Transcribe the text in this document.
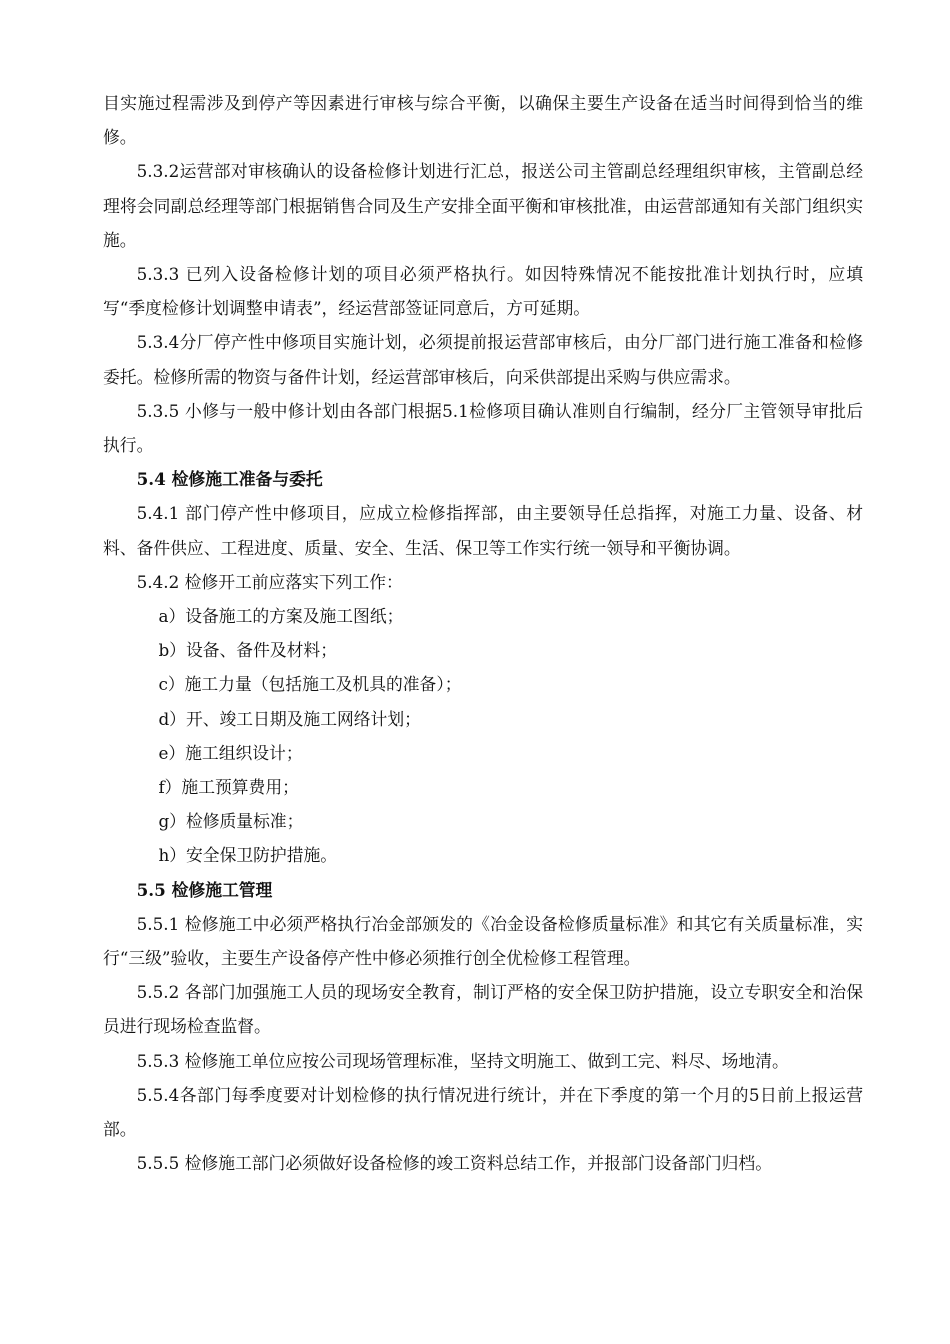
目实施过程需涉及到停产等因素进行审核与综合平衡，以确保主要生产设备在适当时间得到恰当的维修。

5.3.2运营部对审核确认的设备检修计划进行汇总，报送公司主管副总经理组织审核，主管副总经理将会同副总经理等部门根据销售合同及生产安排全面平衡和审核批准，由运营部通知有关部门组织实施。

5.3.3 已列入设备检修计划的项目必须严格执行。如因特殊情况不能按批准计划执行时，应填写“季度检修计划调整申请表”，经运营部签证同意后，方可延期。

5.3.4分厂停产性中修项目实施计划，必须提前报运营部审核后，由分厂部门进行施工准备和检修委托。检修所需的物资与备件计划，经运营部审核后，向采供部提出采购与供应需求。

5.3.5 小修与一般中修计划由各部门根据5.1检修项目确认准则自行编制，经分厂主管领导审批后执行。

5.4 检修施工准备与委托

5.4.1 部门停产性中修项目，应成立检修指挥部，由主要领导任总指挥，对施工力量、设备、材料、备件供应、工程进度、质量、安全、生活、保卫等工作实行统一领导和平衡协调。

5.4.2 检修开工前应落实下列工作：

a）设备施工的方案及施工图纸；

b）设备、备件及材料；

c）施工力量（包括施工及机具的准备）；

d）开、竣工日期及施工网络计划；

e）施工组织设计；

f）施工预算费用；

g）检修质量标准；

h）安全保卫防护措施。

5.5 检修施工管理

5.5.1 检修施工中必须严格执行冶金部颁发的《冶金设备检修质量标准》和其它有关质量标准，实行“三级”验收，主要生产设备停产性中修必须推行创全优检修工程管理。

5.5.2 各部门加强施工人员的现场安全教育，制订严格的安全保卫防护措施，设立专职安全和治保员进行现场检查监督。

5.5.3 检修施工单位应按公司现场管理标准，坚持文明施工、做到工完、料尽、场地清。

5.5.4各部门每季度要对计划检修的执行情况进行统计，并在下季度的第一个月的5日前上报运营部。

5.5.5 检修施工部门必须做好设备检修的竣工资料总结工作，并报部门设备部门归档。
